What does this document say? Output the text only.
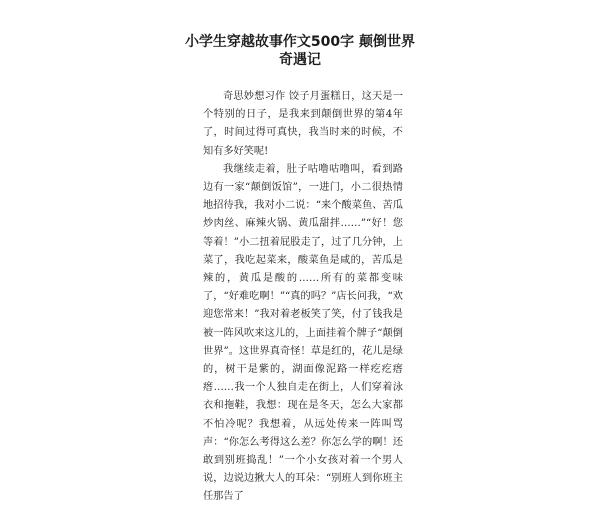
小学生穿越故事作文500字 颠倒世界奇遇记

奇思妙想习作 饺子月蛋糕日，这天是一个特别的日子，是我来到颠倒世界的第4年了，时间过得可真快，我当时来的时候，不知有多好笑呢!

我继续走着，肚子咕噜咕噜叫，看到路边有一家“颠倒饭馆”，一进门，小二很热情地招待我，我对小二说：“来个酸菜鱼、苦瓜炒肉丝、麻辣火锅、黄瓜甜拌……”“好！您等着！”小二扭着屁股走了，过了几分钟，上菜了，我吃起菜来，酸菜鱼是咸的，苦瓜是辣的，黄瓜是酸的……所有的菜都变味了，“好难吃啊！”“真的吗？”店长问我，“欢迎您常来！”我对着老板笑了笑，付了钱我是被一阵风吹来这儿的，上面挂着个牌子“颠倒世界”。这世界真奇怪！草是红的，花儿是绿的，树干是紫的，湖面像泥路一样疙疙瘩瘩……我一个人独自走在街上，人们穿着泳衣和拖鞋，我想：现在是冬天，怎么大家都不怕冷呢？我想着，从远处传来一阵叫骂声：“你怎么考得这么差？你怎么学的啊！还敢到别班捣乱！”一个小女孩对着一个男人说，边说边揪大人的耳朵：“别班人到你班主任那告了
